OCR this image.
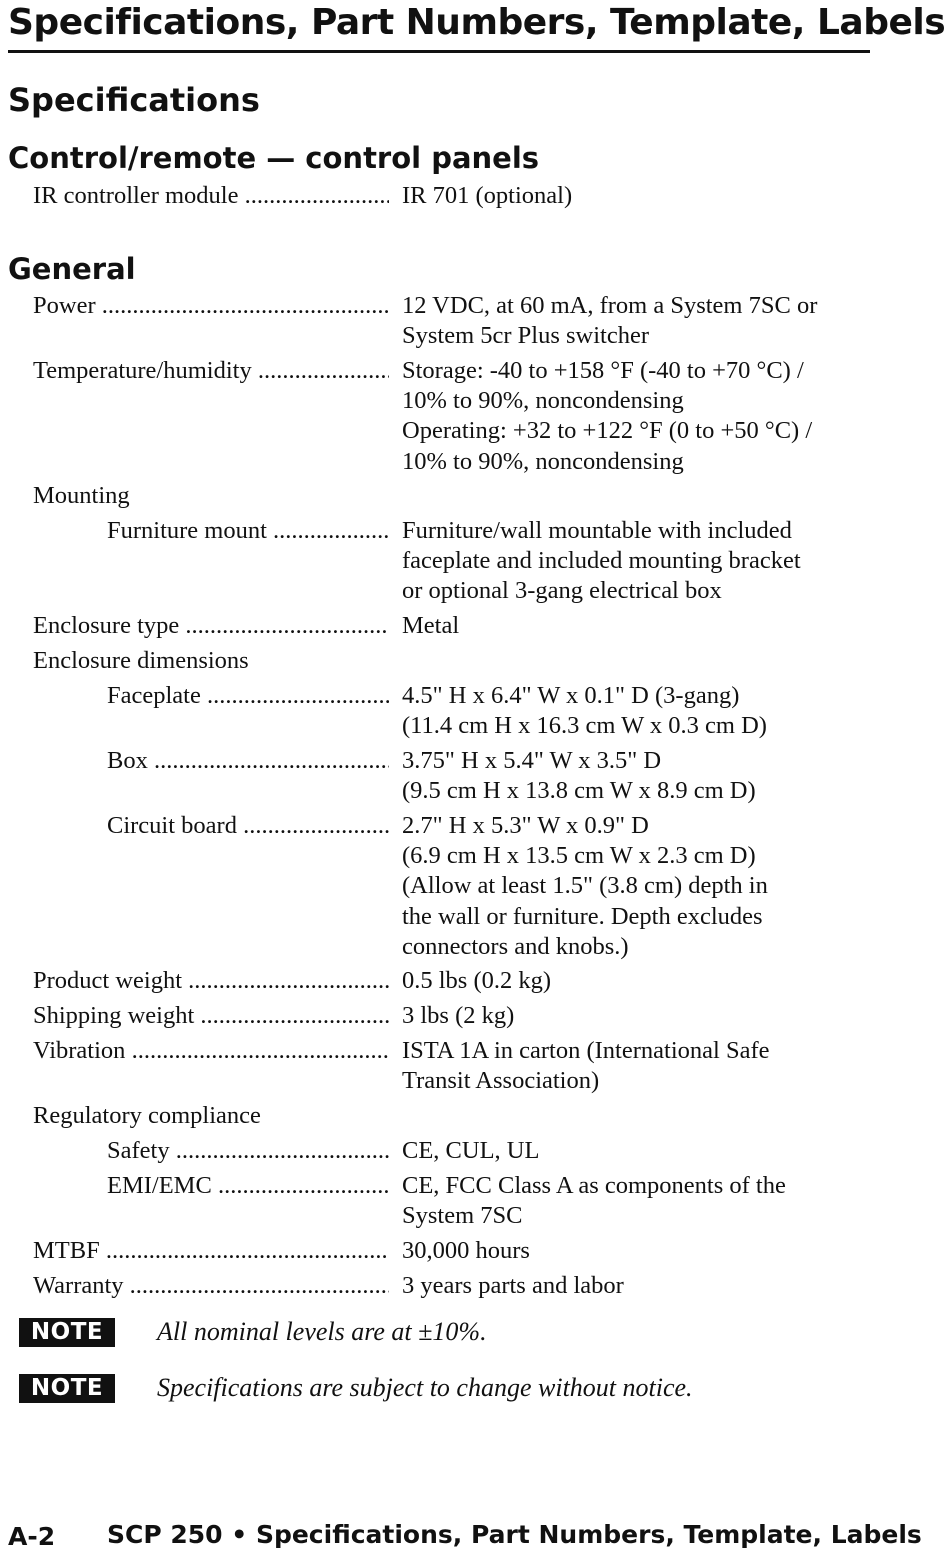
Specifications, Part Numbers, Template, Labels
Specifications
Control/remote — control panels
IR controller module .....	IR 701 (optional)
General
Power .....	12 VDC, at 60 mA, from a System 7SC or
System 5cr Plus switcher
Temperature/humidity .....	Storage: -40 to +158 °F (-40 to +70 °C) /
10% to 90%, noncondensing
Operating: +32 to +122 °F (0 to +50 °C) /
10% to 90%, noncondensing
Mounting
Furniture mount .....	Furniture/wall mountable with included
faceplate and included mounting bracket
or optional 3-gang electrical box
Enclosure type .....	Metal
Enclosure dimensions
Faceplate .....	4.5" H x 6.4" W x 0.1" D (3-gang)
(11.4 cm H x 16.3 cm W x 0.3 cm D)
Box .....	3.75" H x 5.4" W x 3.5" D
(9.5 cm H x 13.8 cm W x 8.9 cm D)
Circuit board .....	2.7" H x 5.3" W x 0.9" D
(6.9 cm H x 13.5 cm W x 2.3 cm D)
(Allow at least 1.5" (3.8 cm) depth in
the wall or furniture. Depth excludes
connectors and knobs.)
Product weight .....	0.5 lbs (0.2 kg)
Shipping weight .....	3 lbs (2 kg)
Vibration .....	ISTA 1A in carton (International Safe
Transit Association)
Regulatory compliance
Safety .....	CE, CUL, UL
EMI/EMC .....	CE, FCC Class A as components of the
System 7SC
MTBF .....	30,000 hours
Warranty .....	3 years parts and labor
NOTE	All nominal levels are at ±10%.
NOTE	Specifications are subject to change without notice.
A-2 SCP 250 • Specifications, Part Numbers, Template, Labels
